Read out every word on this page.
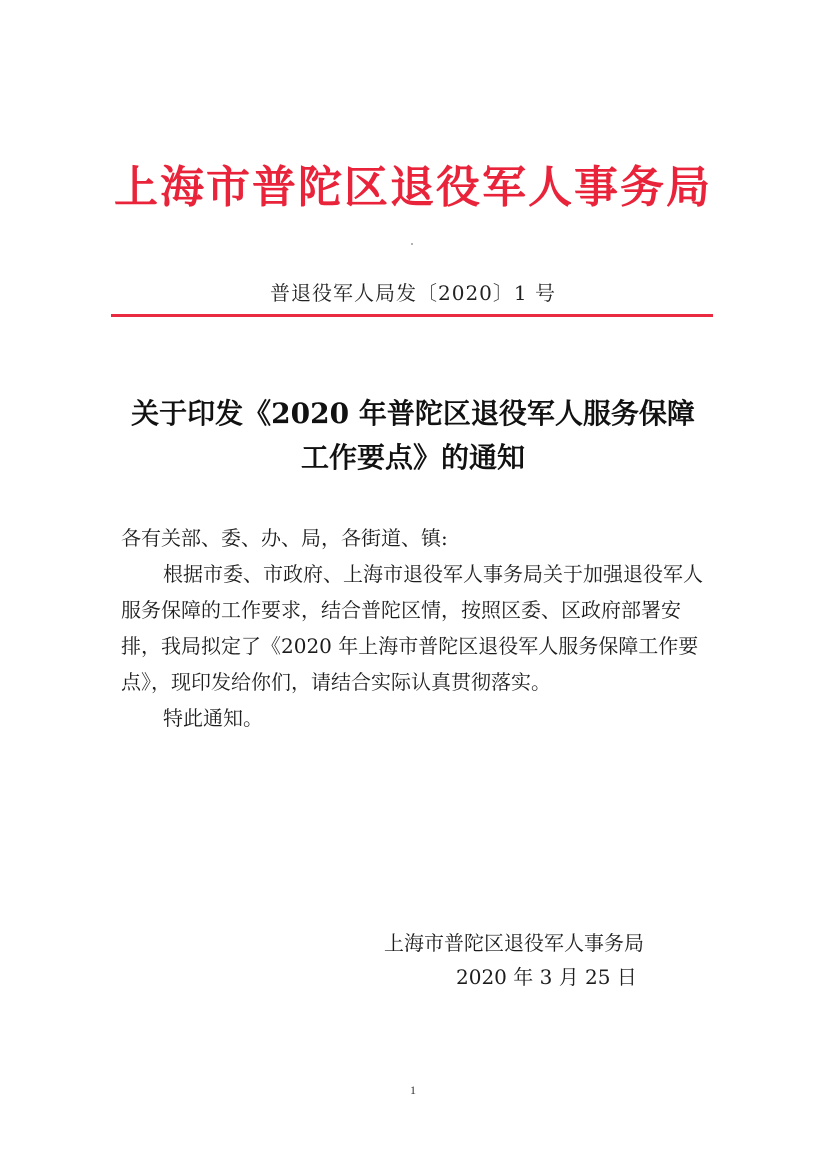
上海市普陀区退役军人事务局
普退役军人局发〔2020〕1 号
关于印发《2020 年普陀区退役军人服务保障
工作要点》的通知

各有关部、委、办、局，各街道、镇:

根据市委、市政府、上海市退役军人事务局关于加强退役军人服务保障的工作要求，结合普陀区情，按照区委、区政府部署安排，我局拟定了《2020 年上海市普陀区退役军人服务保障工作要点》，现印发给你们，请结合实际认真贯彻落实。

特此通知。

上海市普陀区退役军人事务局
2020 年 3 月 25 日
1
